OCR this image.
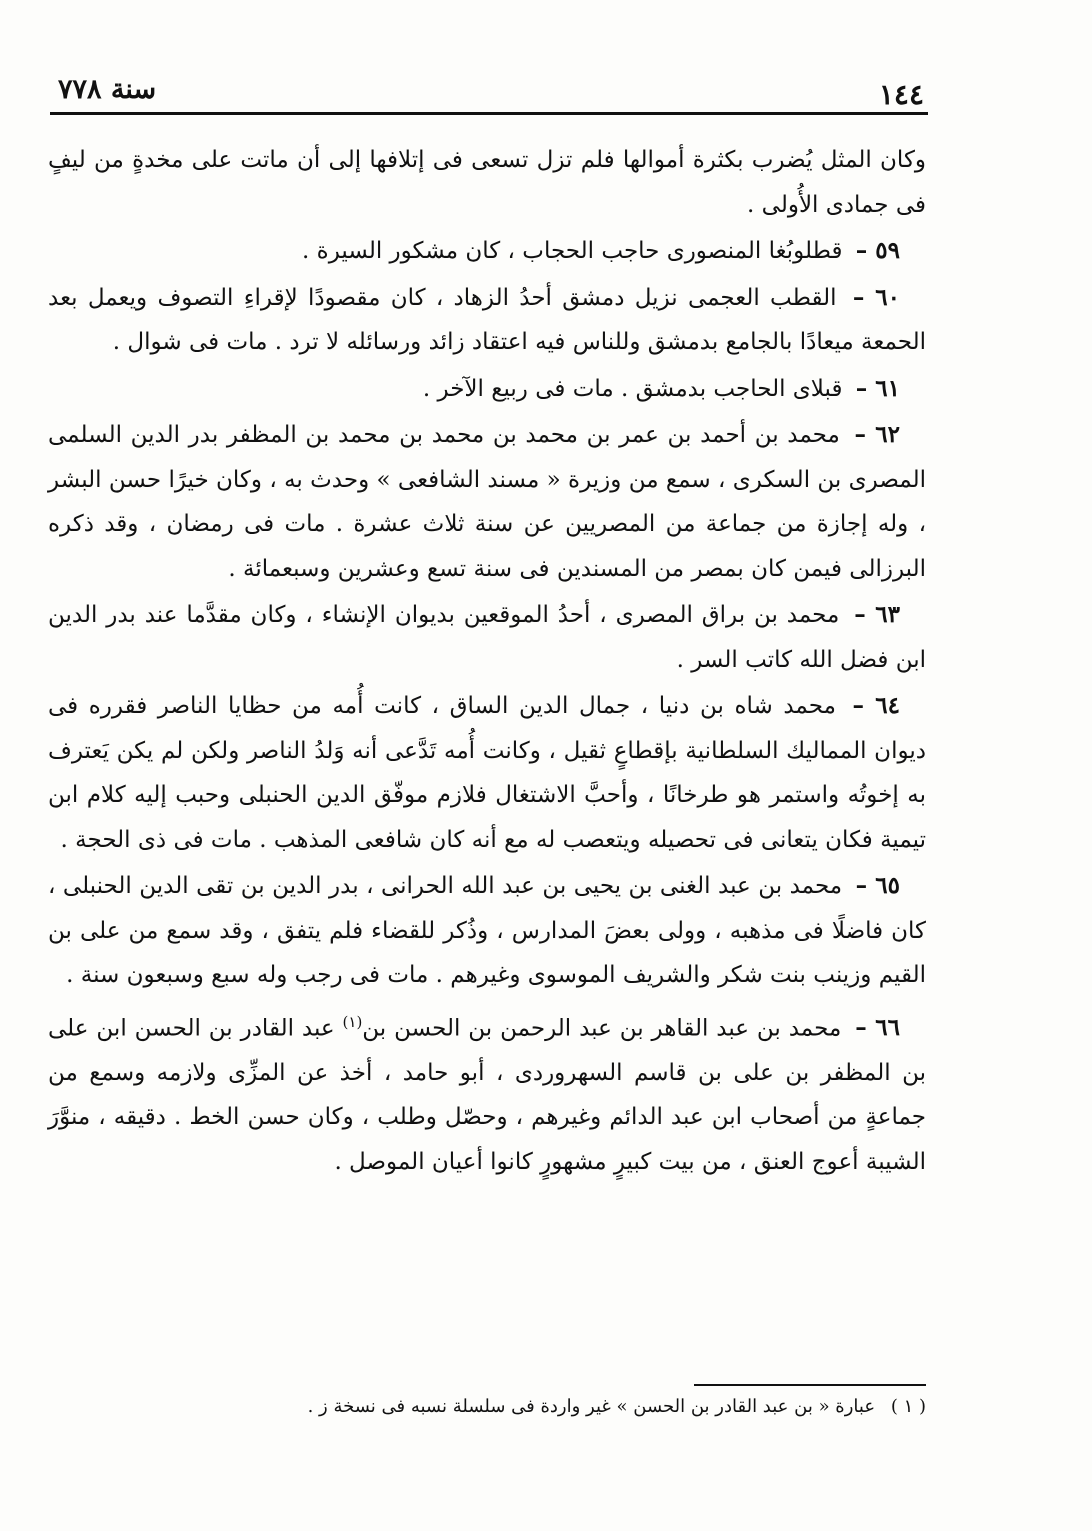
١٤٤
سنة ٧٧٨

وكان المثل يُضرب بكثرة أموالها فلم تزل تسعى فى إتلافها إلى أن ماتت على مخدةٍ من ليفٍ فى جمادى الأُولى .

٥٩ – قطلوبُغا المنصورى حاجب الحجاب ، كان مشكور السيرة .

٦٠ – القطب العجمى نزيل دمشق أحدُ الزهاد ، كان مقصودًا لإقراءِ التصوف ويعمل بعد الحمعة ميعادًا بالجامع بدمشق وللناس فيه اعتقاد زائد ورسائله لا ترد . مات فى شوال .

٦١ – قبلاى الحاجب بدمشق . مات فى ربيع الآخر .

٦٢ – محمد بن أحمد بن عمر بن محمد بن محمد بن محمد بن المظفر بدر الدين السلمى المصرى بن السكرى ، سمع من وزيرة « مسند الشافعى » وحدث به ، وكان خيرًا حسن البشر ، وله إجازة من جماعة من المصريين عن سنة ثلاث عشرة . مات فى رمضان ، وقد ذكره البرزالى فيمن كان بمصر من المسندين فى سنة تسع وعشرين وسبعمائة .

٦٣ – محمد بن براق المصرى ، أحدُ الموقعين بديوان الإنشاء ، وكان مقدَّما عند بدر الدين ابن فضل الله كاتب السر .

٦٤ – محمد شاه بن دنيا ، جمال الدين الساق ، كانت أُمه من حظايا الناصر فقرره فى ديوان المماليك السلطانية بإقطاعٍ ثقيل ، وكانت أُمه تَدَّعى أنه وَلدُ الناصر ولكن لم يكن يَعترف به إخوتُه واستمر هو طرخانًا ، وأحبَّ الاشتغال فلازم موفّق الدين الحنبلى وحبب إليه كلام ابن تيمية فكان يتعانى فى تحصيله ويتعصب له مع أنه كان شافعى المذهب . مات فى ذى الحجة .

٦٥ – محمد بن عبد الغنى بن يحيى بن عبد الله الحرانى ، بدر الدين بن تقى الدين الحنبلى ، كان فاضلًا فى مذهبه ، وولى بعضَ المدارس ، وذُكر للقضاء فلم يتفق ، وقد سمع من على بن القيم وزينب بنت شكر والشريف الموسوى وغيرهم . مات فى رجب وله سبع وسبعون سنة .

٦٦ – محمد بن عبد القاهر بن عبد الرحمن بن الحسن بن$^{(١)}$ عبد القادر بن الحسن ابن على بن المظفر بن على بن قاسم السهروردى ، أبو حامد ، أخذ عن المزِّى ولازمه وسمع من جماعةٍ من أصحاب ابن عبد الدائم وغيرهم ، وحصّل وطلب ، وكان حسن الخط . دقيقه ، منوَّرَ الشيبة أعوج العنق ، من بيت كبيرٍ مشهورٍ كانوا أعيان الموصل .

( ١ ) عبارة « بن عبد القادر بن الحسن » غير واردة فى سلسلة نسبه فى نسخة ز .
